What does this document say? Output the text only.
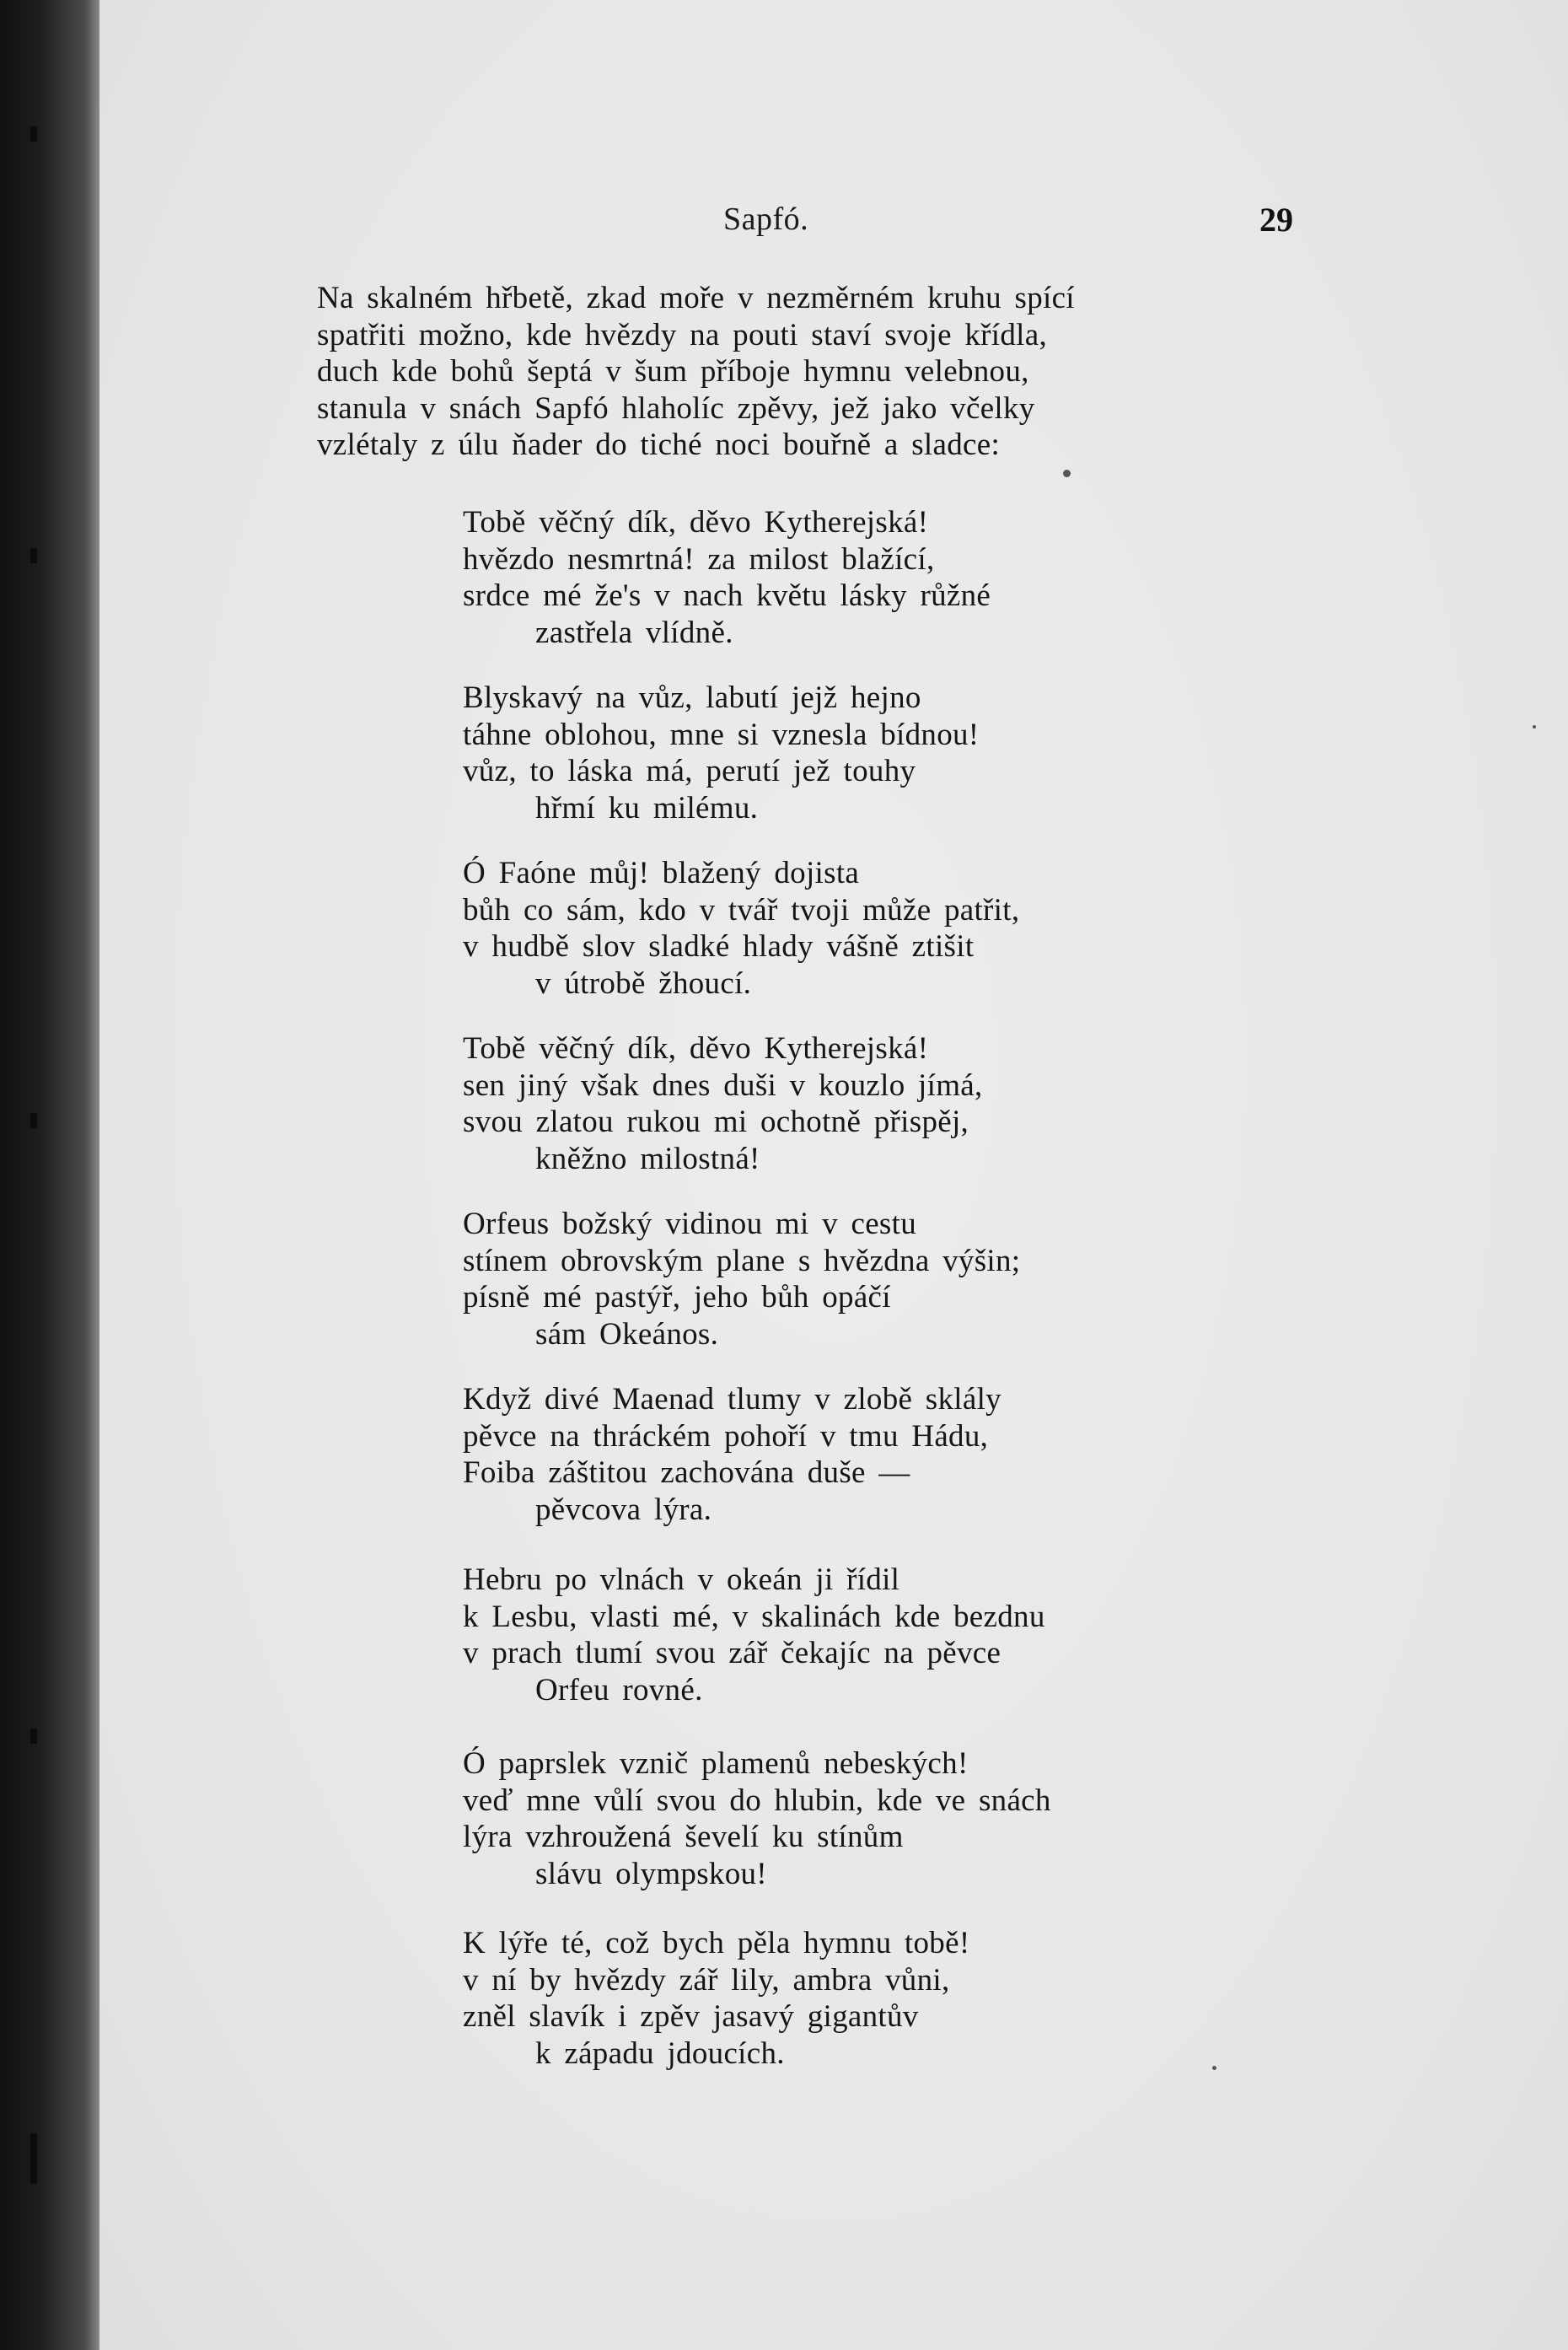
Sapfó.	29
Na skalném hřbetě, zkad moře v nezměrném kruhu spící
spatřiti možno, kde hvězdy na pouti staví svoje křídla,
duch kde bohů šeptá v šum příboje hymnu velebnou,
stanula v snách Sapfó hlaholíc zpěvy, jež jako včelky
vzlétaly z úlu ňader do tiché noci bouřně a sladce:
Tobě věčný dík, děvo Kytherejská!
hvězdo nesmrtná! za milost blažící,
srdce mé že's v nach květu lásky růžné
zastřela vlídně.
Blyskavý na vůz, labutí jejž hejno
táhne oblohou, mne si vznesla bídnou!
vůz, to láska má, perutí jež touhy
hřmí ku milému.
Ó Faóne můj! blažený dojista
bůh co sám, kdo v tvář tvoji může patřit,
v hudbě slov sladké hlady vášně ztišit
v útrobě žhoucí.
Tobě věčný dík, děvo Kytherejská!
sen jiný však dnes duši v kouzlo jímá,
svou zlatou rukou mi ochotně přispěj,
kněžno milostná!
Orfeus božský vidinou mi v cestu
stínem obrovským plane s hvězdna výšin;
písně mé pastýř, jeho bůh opáčí
sám Okeános.
Když divé Maenad tlumy v zlobě sklály
pěvce na thráckém pohoří v tmu Hádu,
Foiba záštitou zachována duše —
pěvcova lýra.
Hebru po vlnách v okeán ji řídil
k Lesbu, vlasti mé, v skalinách kde bezdnu
v prach tlumí svou zář čekajíc na pěvce
Orfeu rovné.
Ó paprslek vznič plamenů nebeských!
veď mne vůlí svou do hlubin, kde ve snách
lýra vzhroužená ševelí ku stínům
slávu olympskou!
K lýře té, což bych pěla hymnu tobě!
v ní by hvězdy zář lily, ambra vůni,
zněl slavík i zpěv jasavý gigantův
k západu jdoucích.
